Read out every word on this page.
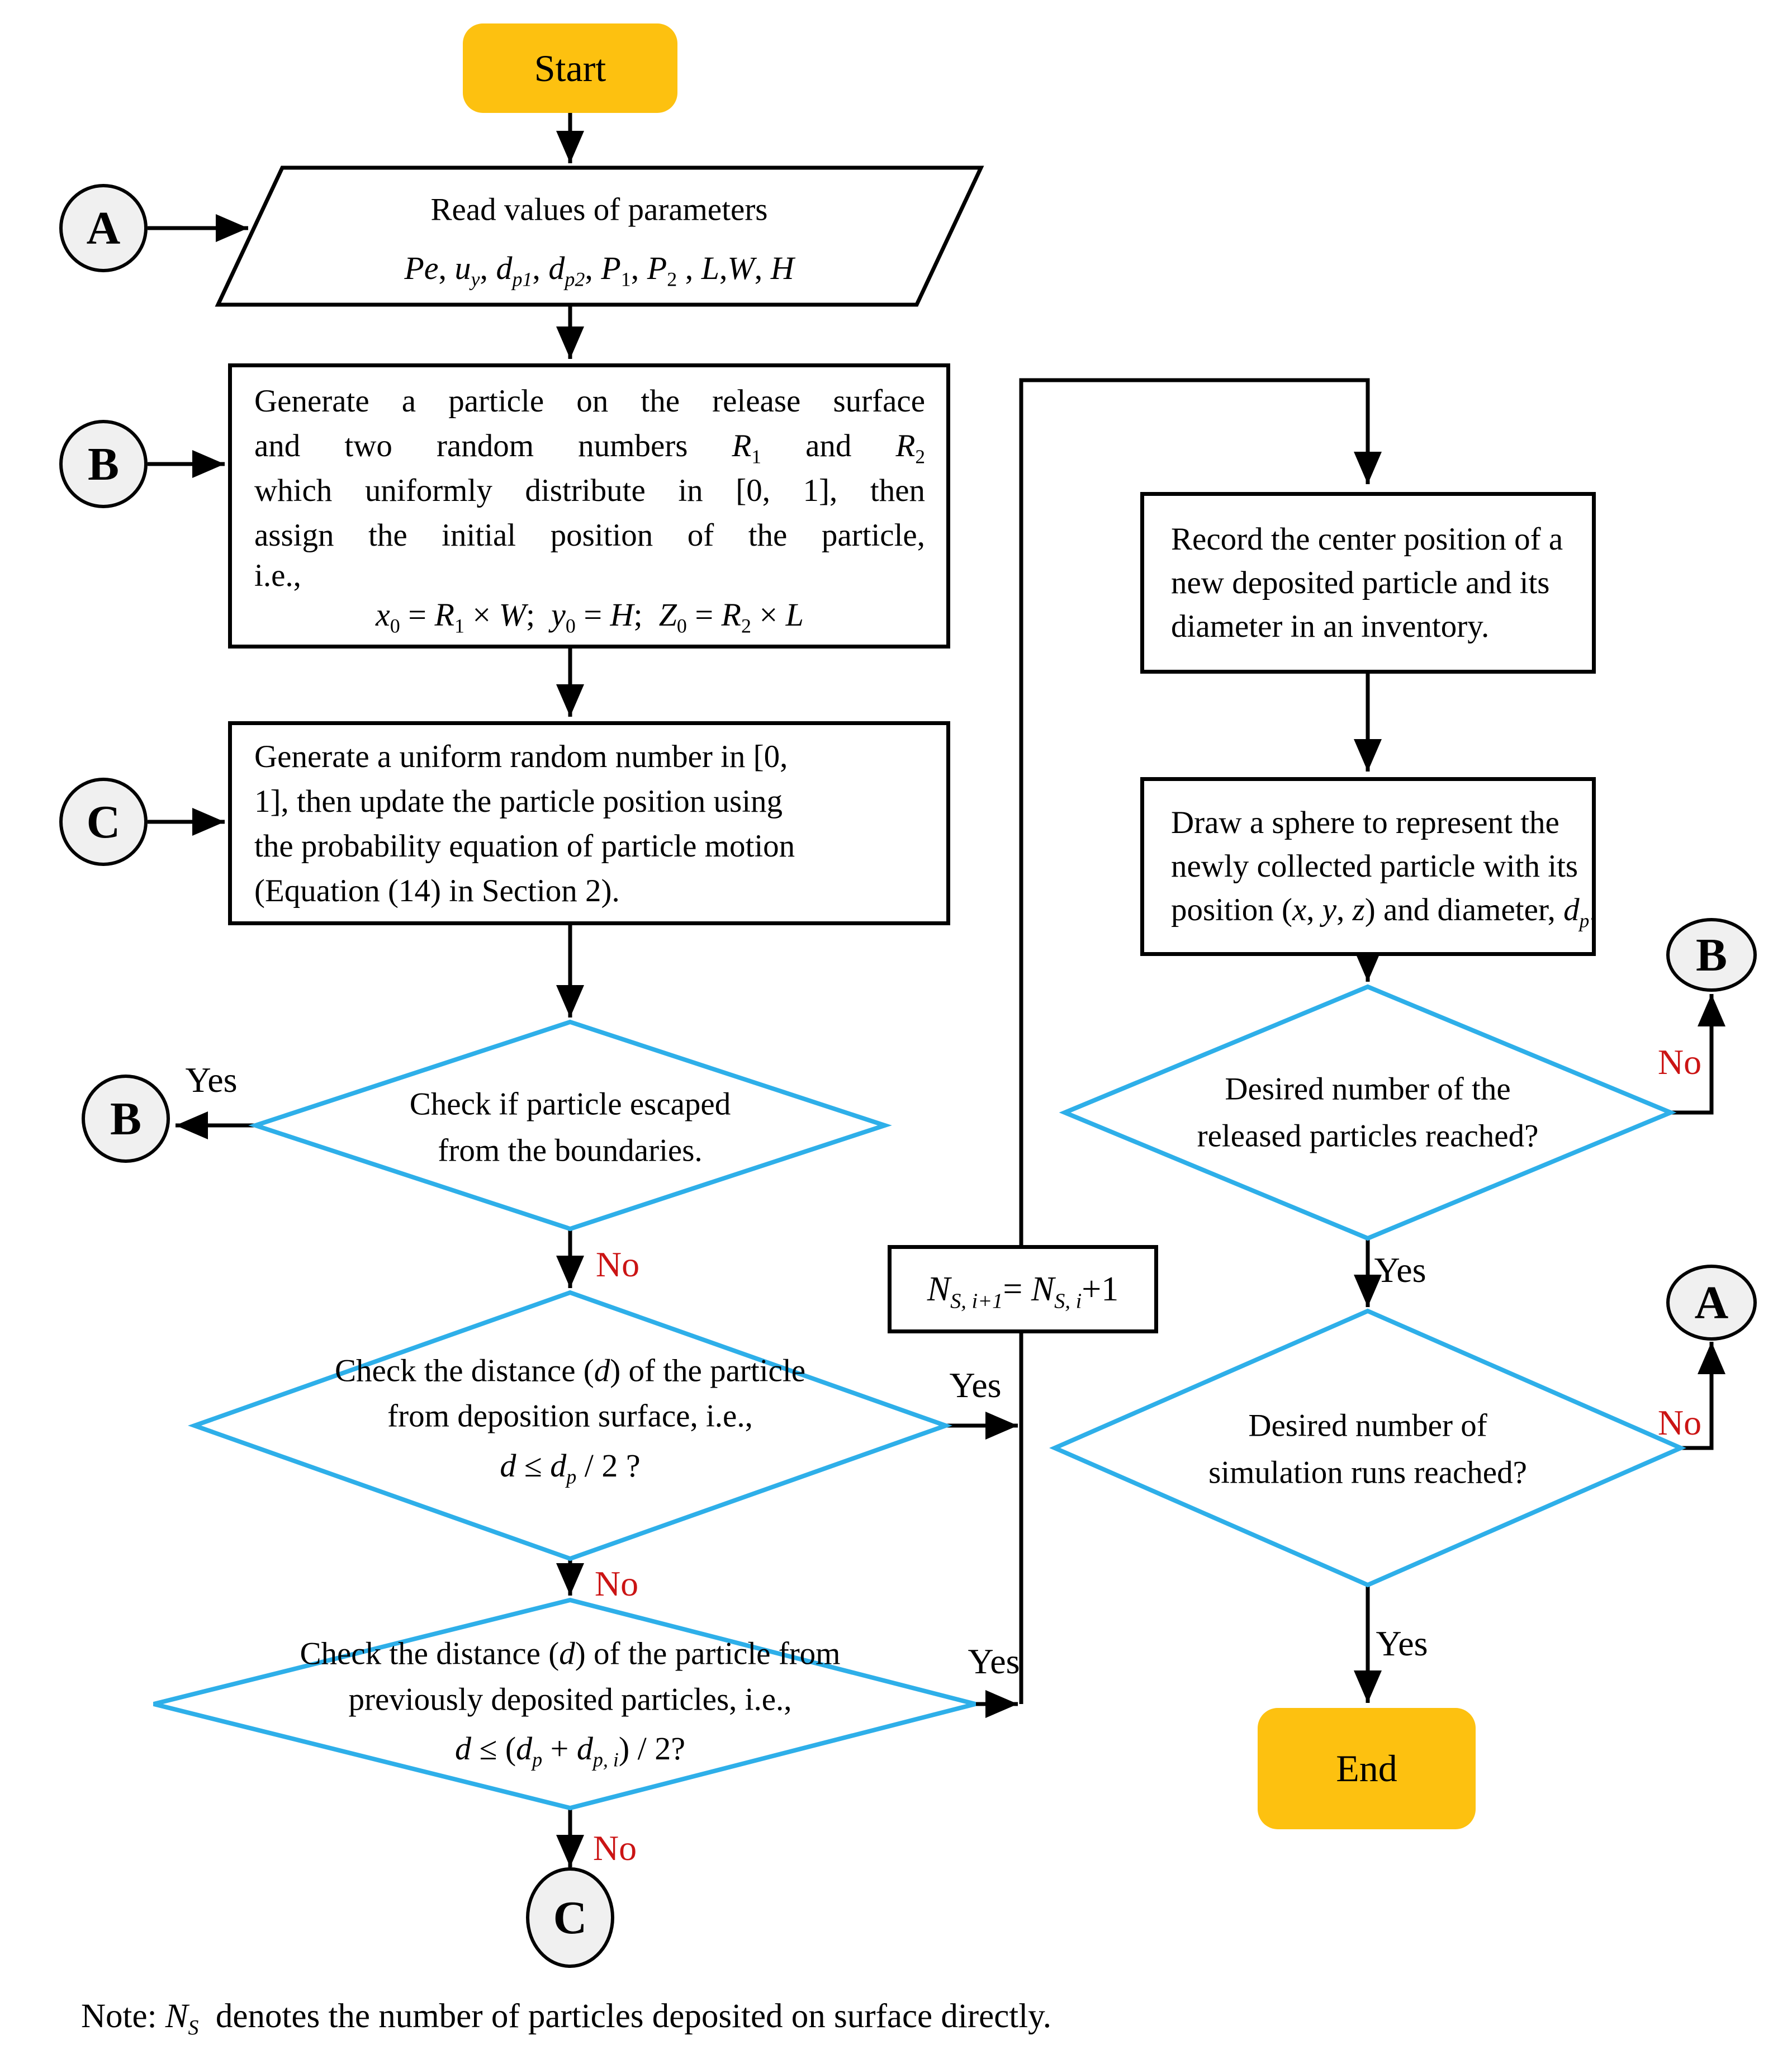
Start
End
Read values of parameters
Pe, $u_y$, $d_{p1}$, $d_{p2}$, $P_1$, $P_2$ , L,W, H
Generate a particle on the release surface
and two random numbers $R_1$ and $R_2$
which uniformly distribute in [0, 1], then
assign the initial position of the particle,
i.e.,
$x_0 = R_1 \times W$;  $y_0 = H$;  $Z_0 = R_2 \times L$
Generate a uniform random number in [0,
1], then update the particle position using
the probability equation of particle motion
(Equation (14) in Section 2).
Check if particle escaped
from the boundaries.
Check the distance (d) of the particle
from deposition surface, i.e.,
$d \le d_p / 2$ ?
Check the distance (d) of the particle from
previously deposited particles, i.e.,
$d \le (d_p + d_{p, i}) / 2$?
$N_{S, i+1}= N_{S, i}+1$
Record the center position of a
new deposited particle and its
diameter in an inventory.
Draw a sphere to represent the
newly collected particle with its
position (x, y, z) and diameter, $d_p$.
Desired number of the
released particles reached?
Desired number of
simulation runs reached?
A
B
C
B
C
B
A
Yes
No
Yes
No
Yes
No
Yes
No
Yes
No
Note: $N_S$  denotes the number of particles deposited on surface directly.
